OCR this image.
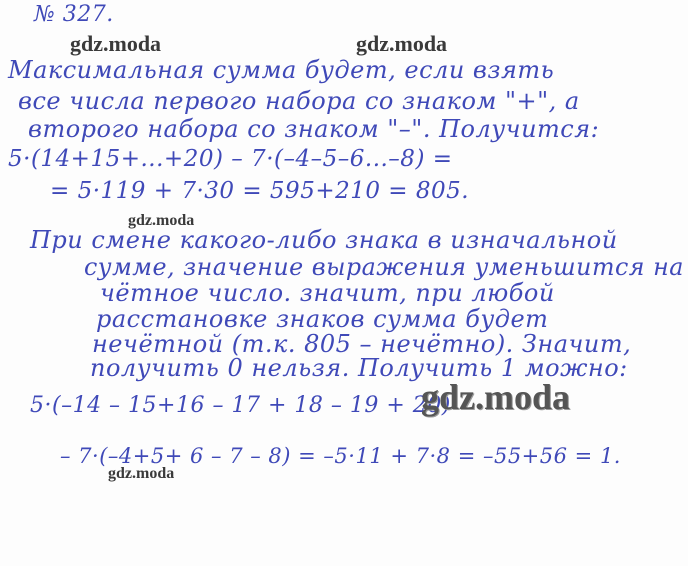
№ 327.
gdz.moda	gdz.moda
Максимальная сумма будет, если взять
все числа первого набора со знаком "+", а
второго набора со знаком "–". Получится:
5·(14+15+...+20) – 7·(–4–5–6...–8) =
= 5·119 + 7·30 = 595+210 = 805.
gdz.moda
При смене какого-либо знака в изначальной
сумме, значение выражения уменьшится на
чётное число. значит, при любой
расстановке знаков сумма будет
нечётной (т.к. 805 – нечётно). Значит,
получить 0 нельзя. Получить 1 можно:
5·(–14 – 15+16 – 17 + 18 – 19 + 20)
gdz.moda
– 7·(–4+5+ 6 – 7 – 8) = –5·11 + 7·8 = –55+56 = 1.
gdz.moda
